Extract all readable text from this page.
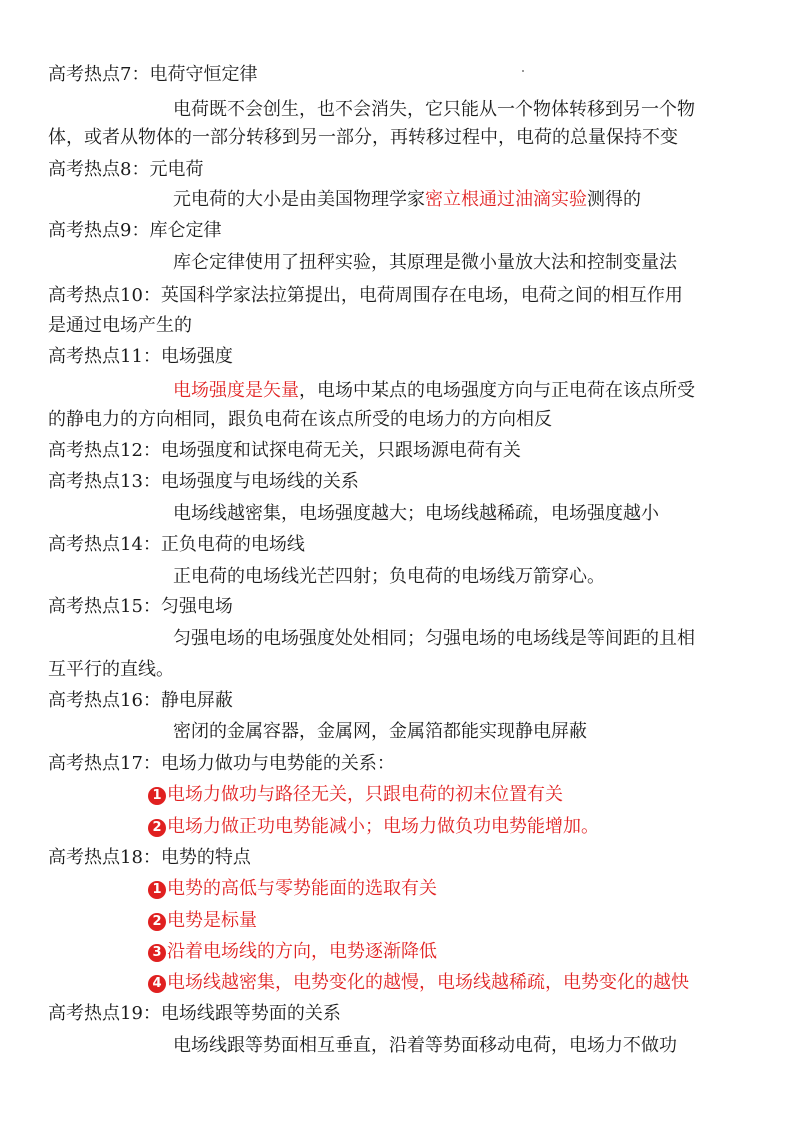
高考热点7：电荷守恒定律
电荷既不会创生，也不会消失，它只能从一个物体转移到另一个物
体，或者从物体的一部分转移到另一部分，再转移过程中，电荷的总量保持不变
高考热点8：元电荷
元电荷的大小是由美国物理学家密立根通过油滴实验测得的
高考热点9：库仑定律
库仑定律使用了扭秤实验，其原理是微小量放大法和控制变量法
高考热点10：英国科学家法拉第提出，电荷周围存在电场，电荷之间的相互作用
是通过电场产生的
高考热点11：电场强度
电场强度是矢量，电场中某点的电场强度方向与正电荷在该点所受
的静电力的方向相同，跟负电荷在该点所受的电场力的方向相反
高考热点12：电场强度和试探电荷无关，只跟场源电荷有关
高考热点13：电场强度与电场线的关系
电场线越密集，电场强度越大；电场线越稀疏，电场强度越小
高考热点14：正负电荷的电场线
正电荷的电场线光芒四射；负电荷的电场线万箭穿心。
高考热点15：匀强电场
匀强电场的电场强度处处相同；匀强电场的电场线是等间距的且相
互平行的直线。
高考热点16：静电屏蔽
密闭的金属容器，金属网，金属箔都能实现静电屏蔽
高考热点17：电场力做功与电势能的关系：
1 电场力做功与路径无关，只跟电荷的初末位置有关
2 电场力做正功电势能减小；电场力做负功电势能增加。
高考热点18：电势的特点
1 电势的高低与零势能面的选取有关
2 电势是标量
3 沿着电场线的方向，电势逐渐降低
4 电场线越密集，电势变化的越慢，电场线越稀疏，电势变化的越快
高考热点19：电场线跟等势面的关系
电场线跟等势面相互垂直，沿着等势面移动电荷，电场力不做功
